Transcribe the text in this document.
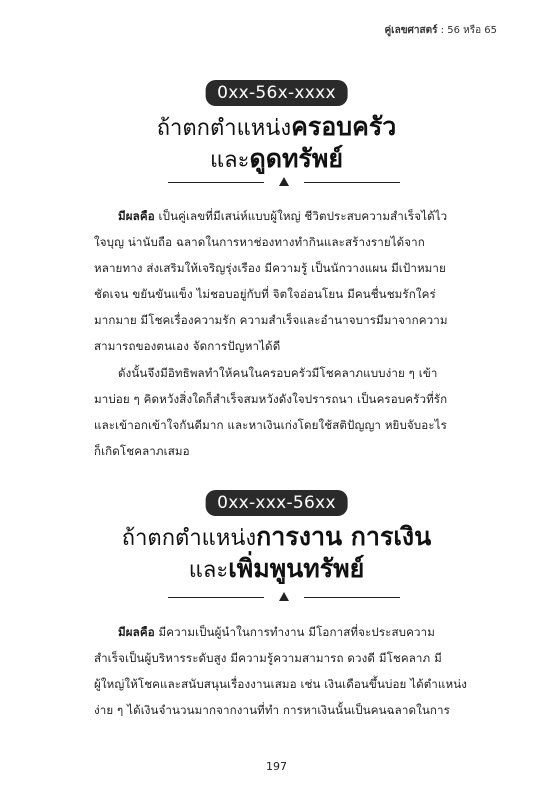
คู่เลขศาสตร์ : 56 หรือ 65
0xx-56x-xxxx
ถ้าตกตำแหน่งครอบครัว
และดูดทรัพย์
มีผลคือ เป็นคู่เลขที่มีเสน่ห์แบบผู้ใหญ่ ชีวิตประสบความสำเร็จได้ไว
ใจบุญ น่านับถือ ฉลาดในการหาช่องทางทำกินและสร้างรายได้จาก
หลายทาง ส่งเสริมให้เจริญรุ่งเรือง มีความรู้ เป็นนักวางแผน มีเป้าหมาย
ชัดเจน ขยันขันแข็ง ไม่ชอบอยู่กับที่ จิตใจอ่อนโยน มีคนชื่นชมรักใคร่
มากมาย มีโชคเรื่องความรัก ความสำเร็จและอำนาจบารมีมาจากความ
สามารถของตนเอง จัดการปัญหาได้ดี
ดังนั้นจึงมีอิทธิพลทำให้คนในครอบครัวมีโชคลาภแบบง่าย ๆ เข้า
มาบ่อย ๆ คิดหวังสิ่งใดก็สำเร็จสมหวังดังใจปรารถนา เป็นครอบครัวที่รัก
และเข้าอกเข้าใจกันดีมาก และหาเงินเก่งโดยใช้สติปัญญา หยิบจับอะไร
ก็เกิดโชคลาภเสมอ
0xx-xxx-56xx
ถ้าตกตำแหน่งการงาน การเงิน
และเพิ่มพูนทรัพย์
มีผลคือ มีความเป็นผู้นำในการทำงาน มีโอกาสที่จะประสบความ
สำเร็จเป็นผู้บริหารระดับสูง มีความรู้ความสามารถ ดวงดี มีโชคลาภ มี
ผู้ใหญ่ให้โชคและสนับสนุนเรื่องงานเสมอ เช่น เงินเดือนขึ้นบ่อย ได้ตำแหน่ง
ง่าย ๆ ได้เงินจำนวนมากจากงานที่ทำ การหาเงินนั้นเป็นคนฉลาดในการ
197
